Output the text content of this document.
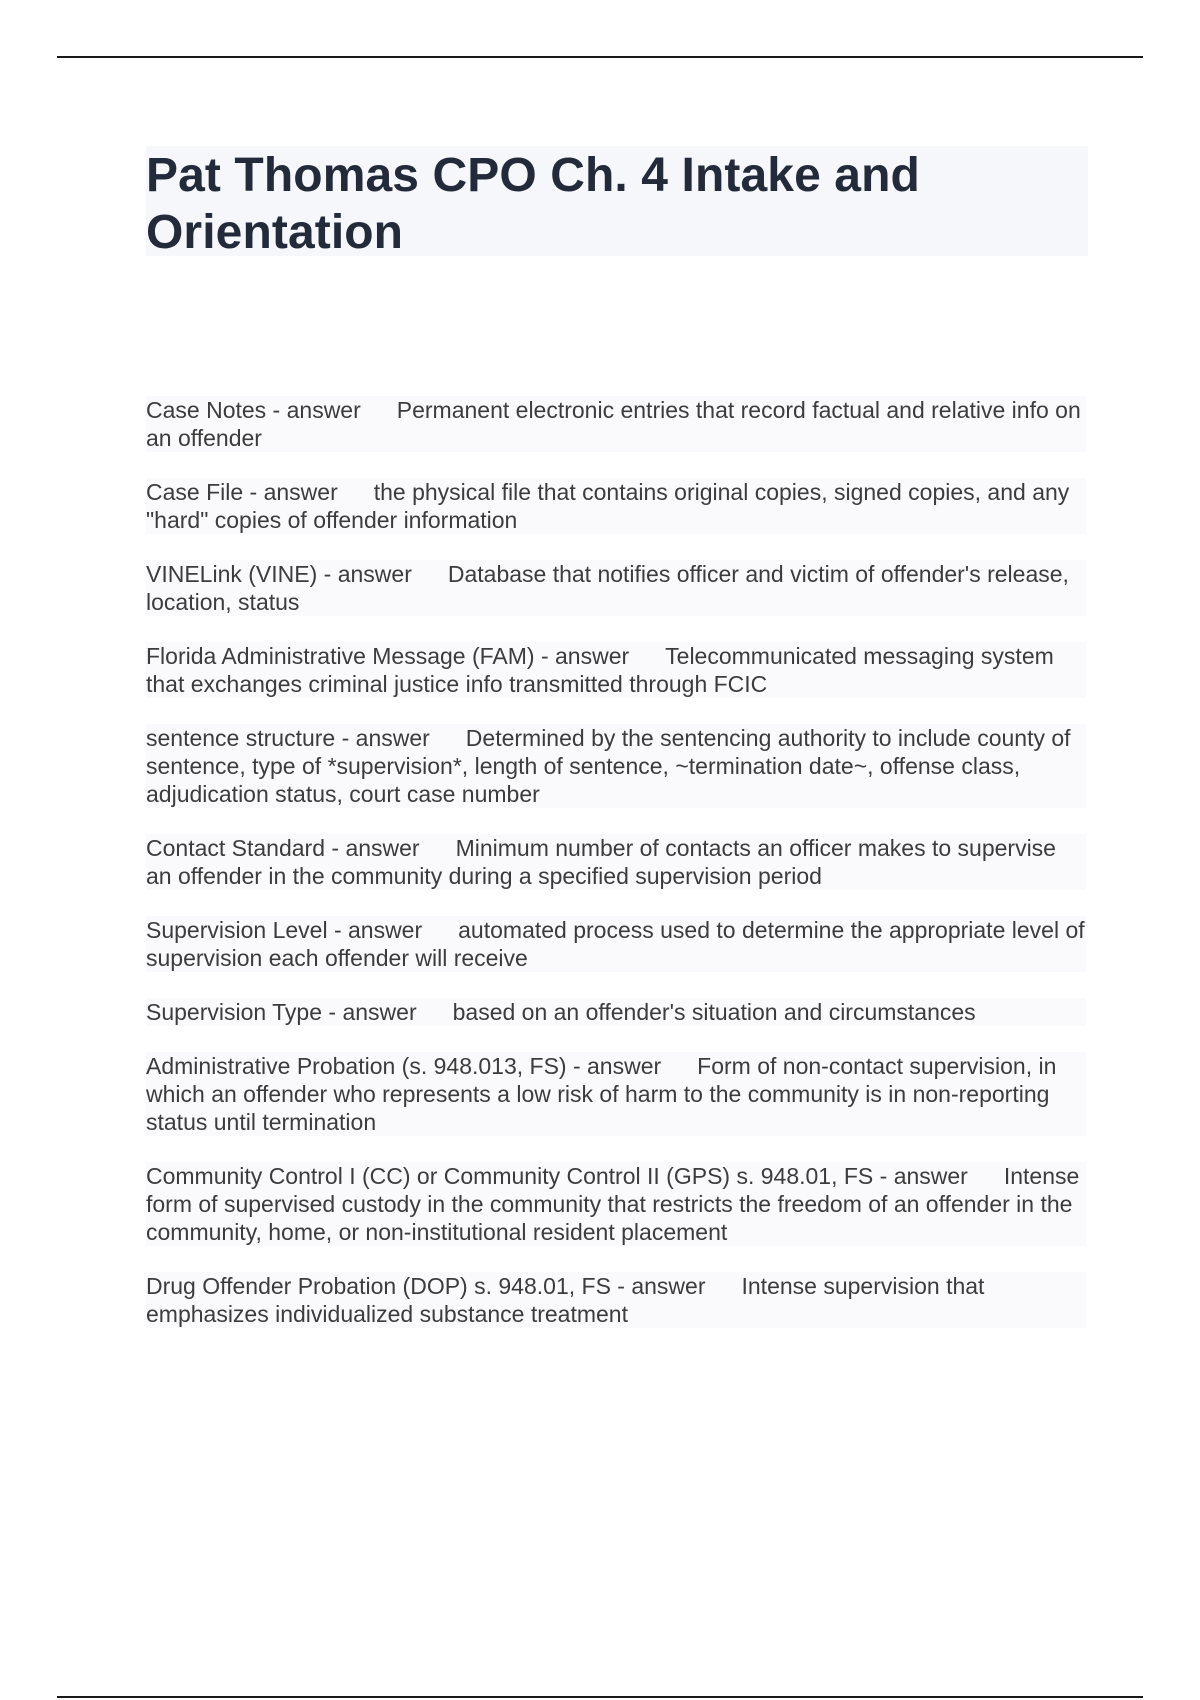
Pat Thomas CPO Ch. 4 Intake and Orientation

Case Notes - answer Permanent electronic entries that record factual and relative info on an offender

Case File - answer the physical file that contains original copies, signed copies, and any "hard" copies of offender information

VINELink (VINE) - answer Database that notifies officer and victim of offender's release, location, status

Florida Administrative Message (FAM) - answer Telecommunicated messaging system that exchanges criminal justice info transmitted through FCIC

sentence structure - answer Determined by the sentencing authority to include county of sentence, type of *supervision*, length of sentence, ~termination date~, offense class, adjudication status, court case number

Contact Standard - answer Minimum number of contacts an officer makes to supervise an offender in the community during a specified supervision period

Supervision Level - answer automated process used to determine the appropriate level of supervision each offender will receive

Supervision Type - answer based on an offender's situation and circumstances

Administrative Probation (s. 948.013, FS) - answer Form of non-contact supervision, in which an offender who represents a low risk of harm to the community is in non-reporting status until termination

Community Control I (CC) or Community Control II (GPS) s. 948.01, FS - answer Intense form of supervised custody in the community that restricts the freedom of an offender in the community, home, or non-institutional resident placement

Drug Offender Probation (DOP) s. 948.01, FS - answer Intense supervision that emphasizes individualized substance treatment
